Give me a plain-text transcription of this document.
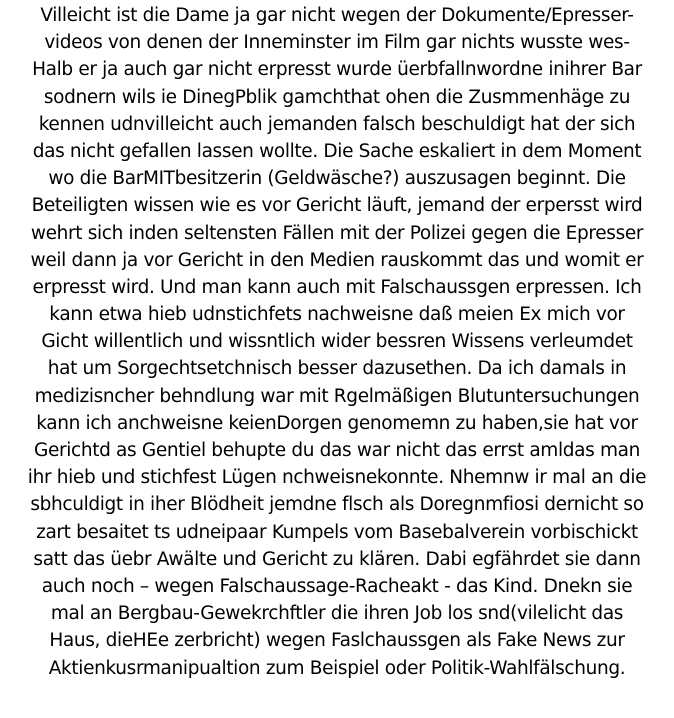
Villeicht ist die Dame ja gar nicht wegen der Dokumente/Epresser-
videos von denen der Inneminster im Film gar nichts wusste wes-
Halb er ja auch gar nicht erpresst wurde üerbfallnwordne inihrer Bar
sodnern wils ie DinegPblik gamchthat ohen die Zusmmenhäge zu
kennen udnvilleicht auch jemanden falsch beschuldigt hat der sich
das nicht gefallen lassen wollte. Die Sache eskaliert in dem Moment
wo die BarMITbesitzerin (Geldwäsche?) auszusagen beginnt. Die
Beteiligten wissen wie es vor Gericht läuft, jemand der erpersst wird
wehrt sich inden seltensten Fällen mit der Polizei gegen die Epresser
weil dann ja vor Gericht in den Medien rauskommt das und womit er
erpresst wird. Und man kann auch mit Falschaussgen erpressen. Ich
kann etwa hieb udnstichfets nachweisne daß meien Ex mich vor
Gicht willentlich und wissntlich wider bessren Wissens verleumdet
hat um Sorgechtsetchnisch besser dazusethen. Da ich damals in
medizisncher behndlung war mit Rgelmäßigen Blutuntersuchungen
kann ich anchweisne keienDorgen genomemn zu haben,sie hat vor
Gerichtd as Gentiel behupte du das war nicht das errst amldas man
ihr hieb und stichfest Lügen nchweisnekonnte. Nhemnw ir mal an die
sbhculdigt in iher Blödheit jemdne flsch als Doregnmfiosi dernicht so
zart besaitet ts udneipaar Kumpels vom Basebalverein vorbischickt
satt das üebr Awälte und Gericht zu klären. Dabi egfährdet sie dann
auch noch – wegen Falschaussage-Racheakt - das Kind. Dnekn sie
mal an Bergbau-Gewekrchftler die ihren Job los snd(vilelicht das
Haus, dieHEe zerbricht) wegen Faslchaussgen als Fake News zur
Aktienkusrmanipualtion zum Beispiel oder Politik-Wahlfälschung.
